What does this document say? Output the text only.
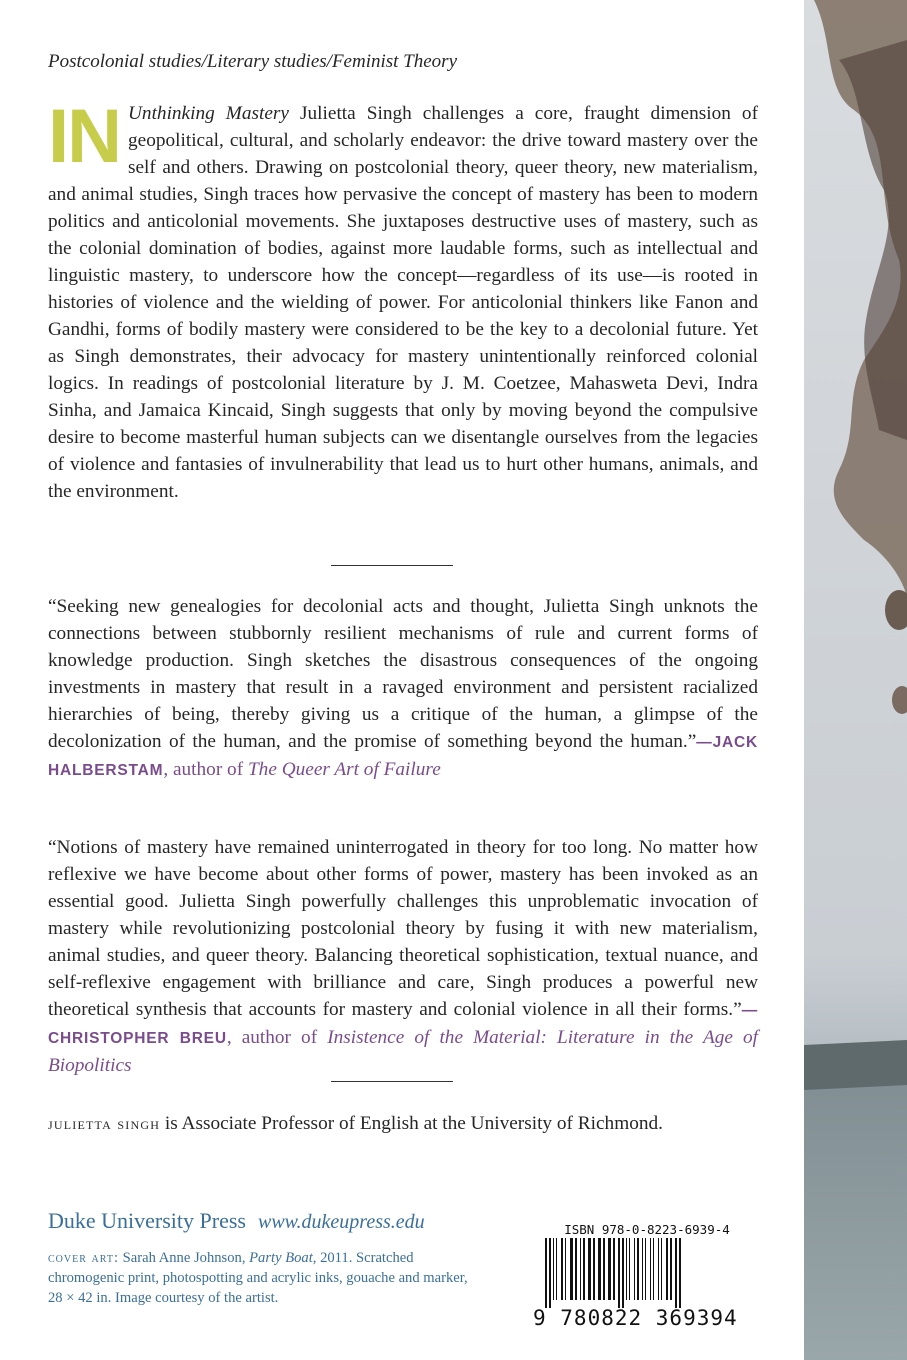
Postcolonial studies/Literary studies/Feminist Theory
IN Unthinking Mastery Julietta Singh challenges a core, fraught dimension of geopolitical, cultural, and scholarly endeavor: the drive toward mastery over the self and others. Drawing on postcolonial theory, queer theory, new materialism, and animal studies, Singh traces how pervasive the concept of mastery has been to modern politics and anticolonial movements. She juxtaposes destructive uses of mastery, such as the colonial domination of bodies, against more laudable forms, such as intellectual and linguistic mastery, to underscore how the concept—regardless of its use—is rooted in histories of violence and the wielding of power. For anticolonial thinkers like Fanon and Gandhi, forms of bodily mastery were considered to be the key to a decolonial future. Yet as Singh demonstrates, their advocacy for mastery unintentionally reinforced colonial logics. In readings of postcolonial literature by J. M. Coetzee, Mahasweta Devi, Indra Sinha, and Jamaica Kincaid, Singh suggests that only by moving beyond the compulsive desire to become masterful human subjects can we disentangle ourselves from the legacies of violence and fantasies of invulnerability that lead us to hurt other humans, animals, and the environment.
“Seeking new genealogies for decolonial acts and thought, Julietta Singh unknots the connections between stubbornly resilient mechanisms of rule and current forms of knowledge production. Singh sketches the disastrous consequences of the ongoing investments in mastery that result in a ravaged environment and persistent racialized hierarchies of being, thereby giving us a critique of the human, a glimpse of the decolonization of the human, and the promise of something beyond the human.”—JACK HALBERSTAM, author of The Queer Art of Failure
“Notions of mastery have remained uninterrogated in theory for too long. No matter how reflexive we have become about other forms of power, mastery has been invoked as an essential good. Julietta Singh powerfully challenges this unproblematic invocation of mastery while revolutionizing postcolonial theory by fusing it with new materialism, animal studies, and queer theory. Balancing theoretical sophistication, textual nuance, and self-reflexive engagement with brilliance and care, Singh produces a powerful new theoretical synthesis that accounts for mastery and colonial violence in all their forms.”—CHRISTOPHER BREU, author of Insistence of the Material: Literature in the Age of Biopolitics
julietta singh is Associate Professor of English at the University of Richmond.
Duke University Press www.dukeupress.edu
cover art: Sarah Anne Johnson, Party Boat, 2011. Scratched chromogenic print, photospotting and acrylic inks, gouache and marker, 28 × 42 in. Image courtesy of the artist.
ISBN 978-0-8223-6939-4
9 780822 369394
